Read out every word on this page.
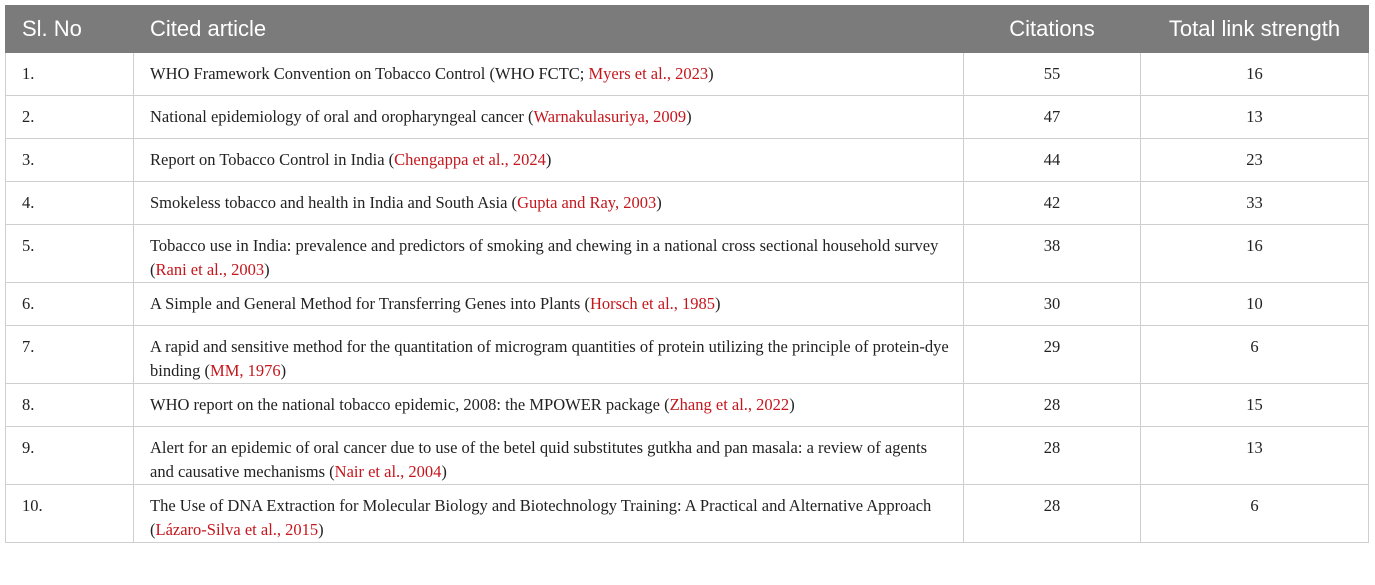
Sl. No	Cited article	Citations	Total link strength
1.	WHO Framework Convention on Tobacco Control (WHO FCTC; Myers et al., 2023)	55	16
2.	National epidemiology of oral and oropharyngeal cancer (Warnakulasuriya, 2009)	47	13
3.	Report on Tobacco Control in India (Chengappa et al., 2024)	44	23
4.	Smokeless tobacco and health in India and South Asia (Gupta and Ray, 2003)	42	33
5.	Tobacco use in India: prevalence and predictors of smoking and chewing in a national cross sectional household survey (Rani et al., 2003)	38	16
6.	A Simple and General Method for Transferring Genes into Plants (Horsch et al., 1985)	30	10
7.	A rapid and sensitive method for the quantitation of microgram quantities of protein utilizing the principle of protein-dye binding (MM, 1976)	29	6
8.	WHO report on the national tobacco epidemic, 2008: the MPOWER package (Zhang et al., 2022)	28	15
9.	Alert for an epidemic of oral cancer due to use of the betel quid substitutes gutkha and pan masala: a review of agents and causative mechanisms (Nair et al., 2004)	28	13
10.	The Use of DNA Extraction for Molecular Biology and Biotechnology Training: A Practical and Alternative Approach (Lázaro-Silva et al., 2015)	28	6
